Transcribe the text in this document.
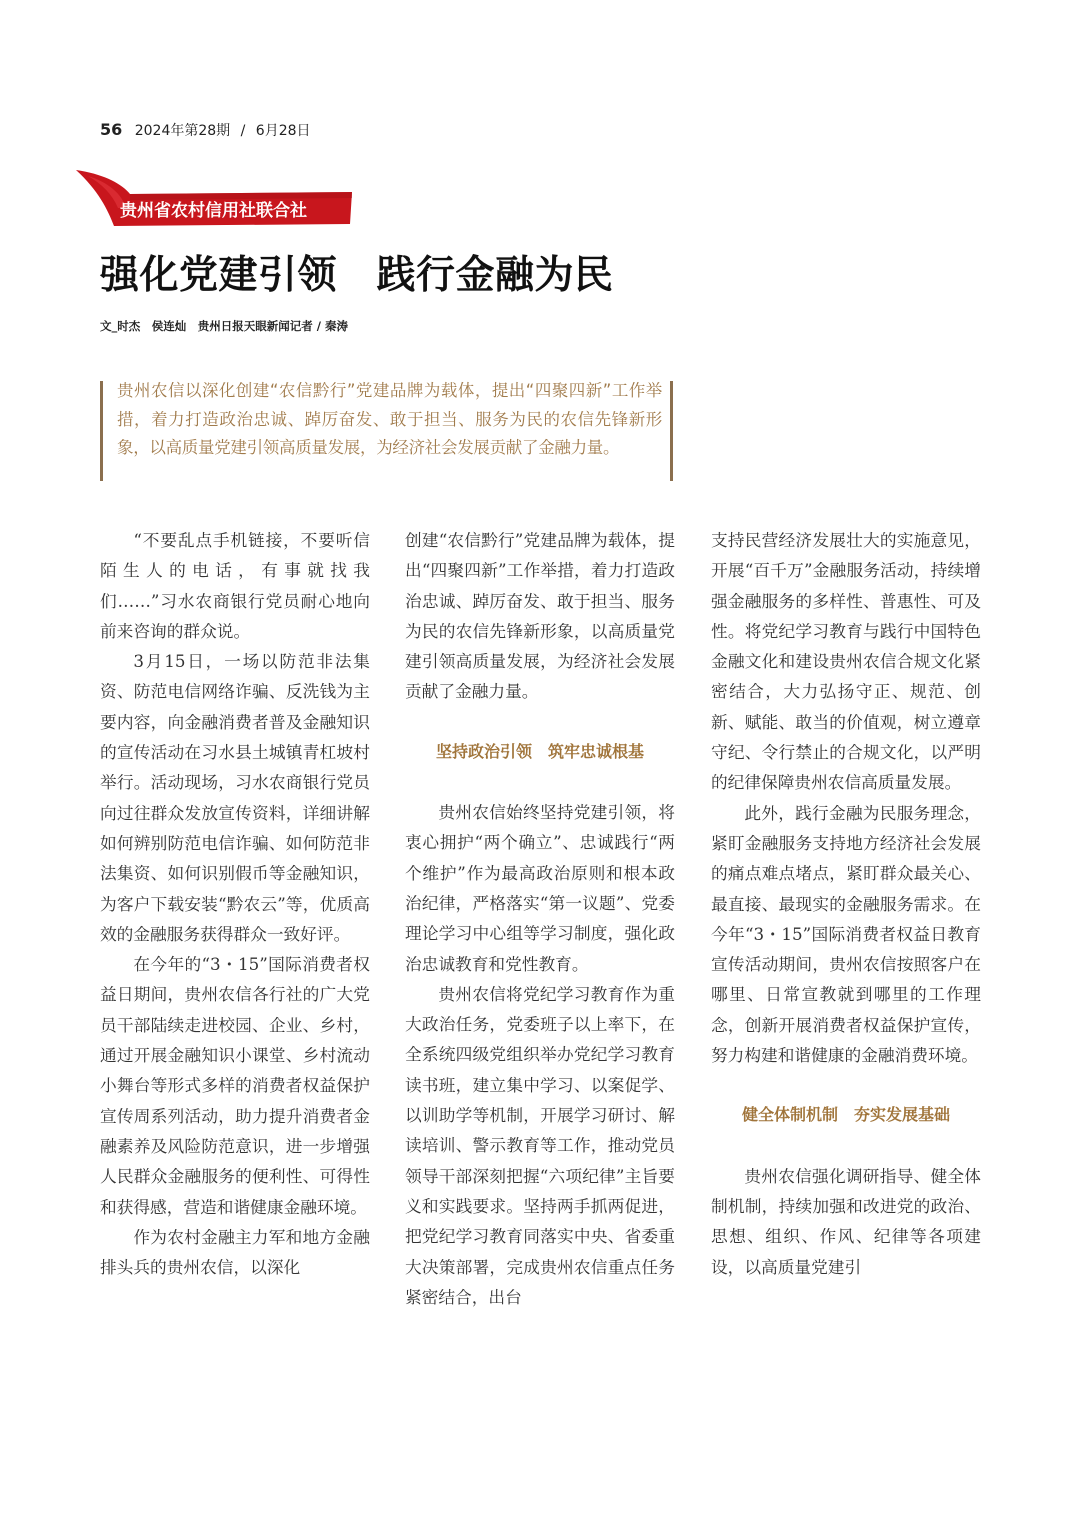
56 2024年第28期 / 6月28日
贵州省农村信用社联合社
强化党建引领　践行金融为民
文_时杰　侯连灿　贵州日报天眼新闻记者 / 秦涛
贵州农信以深化创建“农信黔行”党建品牌为载体，提出“四聚四新”工作举措，着力打造政治忠诚、踔厉奋发、敢于担当、服务为民的农信先锋新形象，以高质量党建引领高质量发展，为经济社会发展贡献了金融力量。

“不要乱点手机链接，不要听信陌生人的电话，有事就找我们……”习水农商银行党员耐心地向前来咨询的群众说。

3月15日，一场以防范非法集资、防范电信网络诈骗、反洗钱为主要内容，向金融消费者普及金融知识的宣传活动在习水县土城镇青杠坡村举行。活动现场，习水农商银行党员向过往群众发放宣传资料，详细讲解如何辨别防范电信诈骗、如何防范非法集资、如何识别假币等金融知识，为客户下载安装“黔农云”等，优质高效的金融服务获得群众一致好评。

在今年的“3・15”国际消费者权益日期间，贵州农信各行社的广大党员干部陆续走进校园、企业、乡村，通过开展金融知识小课堂、乡村流动小舞台等形式多样的消费者权益保护宣传周系列活动，助力提升消费者金融素养及风险防范意识，进一步增强人民群众金融服务的便利性、可得性和获得感，营造和谐健康金融环境。

作为农村金融主力军和地方金融排头兵的贵州农信，以深化

创建“农信黔行”党建品牌为载体，提出“四聚四新”工作举措，着力打造政治忠诚、踔厉奋发、敢于担当、服务为民的农信先锋新形象，以高质量党建引领高质量发展，为经济社会发展贡献了金融力量。

坚持政治引领　筑牢忠诚根基

贵州农信始终坚持党建引领，将衷心拥护“两个确立”、忠诚践行“两个维护”作为最高政治原则和根本政治纪律，严格落实“第一议题”、党委理论学习中心组等学习制度，强化政治忠诚教育和党性教育。

贵州农信将党纪学习教育作为重大政治任务，党委班子以上率下，在全系统四级党组织举办党纪学习教育读书班，建立集中学习、以案促学、以训助学等机制，开展学习研讨、解读培训、警示教育等工作，推动党员领导干部深刻把握“六项纪律”主旨要义和实践要求。坚持两手抓两促进，把党纪学习教育同落实中央、省委重大决策部署，完成贵州农信重点任务紧密结合，出台

支持民营经济发展壮大的实施意见，开展“百千万”金融服务活动，持续增强金融服务的多样性、普惠性、可及性。将党纪学习教育与践行中国特色金融文化和建设贵州农信合规文化紧密结合，大力弘扬守正、规范、创新、赋能、敢当的价值观，树立遵章守纪、令行禁止的合规文化，以严明的纪律保障贵州农信高质量发展。

此外，践行金融为民服务理念，紧盯金融服务支持地方经济社会发展的痛点难点堵点，紧盯群众最关心、最直接、最现实的金融服务需求。在今年“3・15”国际消费者权益日教育宣传活动期间，贵州农信按照客户在哪里、日常宣教就到哪里的工作理念，创新开展消费者权益保护宣传，努力构建和谐健康的金融消费环境。

健全体制机制　夯实发展基础

贵州农信强化调研指导、健全体制机制，持续加强和改进党的政治、思想、组织、作风、纪律等各项建设，以高质量党建引
